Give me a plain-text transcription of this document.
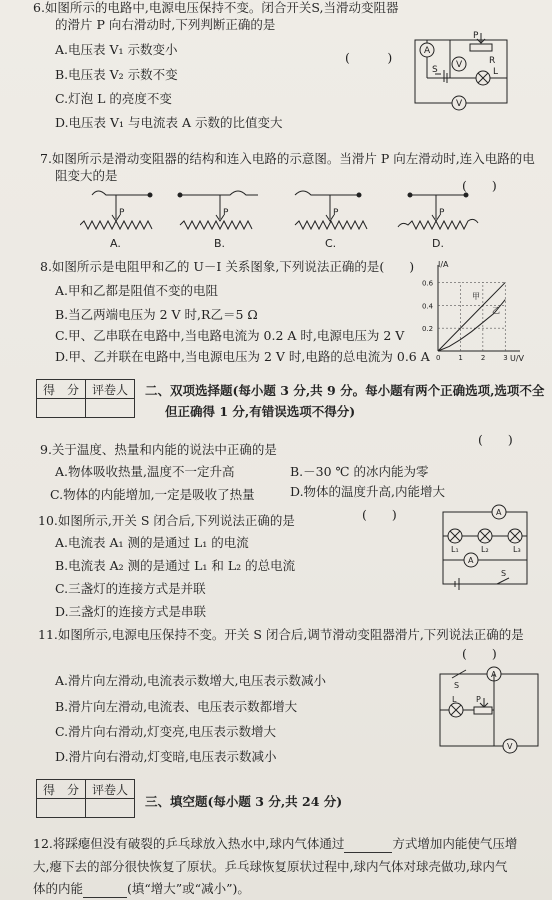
6.如图所示的电路中,电源电压保持不变。闭合开关S,当滑动变阻器
的滑片 P 向右滑动时,下列判断正确的是
(　　　)
A.电压表 V₁ 示数变小
B.电压表 V₂ 示数不变
C.灯泡 L 的亮度不变
D.电压表 V₁ 与电流表 A 示数的比值变大
A
V
V
P
R
S	L
7.如图所示是滑动变阻器的结构和连入电路的示意图。当滑片 P 向左滑动时,连入电路的电
阻变大的是
(　　)
P	P	P	P
A.	B.	C.	D.
8.如图所示是电阻甲和乙的 U－I 关系图象,下列说法正确的是(　　)
A.甲和乙都是阻值不变的电阻
B.当乙两端电压为 2 V 时,R乙＝5 Ω
C.甲、乙串联在电路中,当电路电流为 0.2 A 时,电源电压为 2 V
D.甲、乙并联在电路中,当电源电压为 2 V 时,电路的总电流为 0.6 A
I/A
U/V
0.6
0.4
0.2
0	1	2	3
甲
乙
得　分	评卷人
	二、双项选择题(每小题 3 分,共 9 分。每小题有两个正确选项,选项不全
但正确得 1 分,有错误选项不得分)
9.关于温度、热量和内能的说法中正确的是
(　　)
A.物体吸收热量,温度不一定升高	B.－30 ℃ 的冰内能为零
C.物体的内能增加,一定是吸收了热量	D.物体的温度升高,内能增大
10.如图所示,开关 S 闭合后,下列说法正确的是	(　　)
A.电流表 A₁ 测的是通过 L₁ 的电流
B.电流表 A₂ 测的是通过 L₁ 和 L₂ 的总电流
C.三盏灯的连接方式是并联
D.三盏灯的连接方式是串联
A
A
L₁	L₂	L₃
S
11.如图所示,电源电压保持不变。开关 S 闭合后,调节滑动变阻器滑片,下列说法正确的是
(　　)
A.滑片向左滑动,电流表示数增大,电压表示数减小
B.滑片向左滑动,电流表、电压表示数都增大
C.滑片向右滑动,灯变亮,电压表示数增大
D.滑片向右滑动,灯变暗,电压表示数减小
S
A
L P
V
得　分	评卷人

三、填空题(每小题 3 分,共 24 分)
12.将踩瘪但没有破裂的乒乓球放入热水中,球内气体通过	方式增加内能使气压增
大,瘪下去的部分很快恢复了原状。乒乓球恢复原状过程中,球内气体对球壳做功,球内气
体的内能	(填“增大”或“减小”)。
